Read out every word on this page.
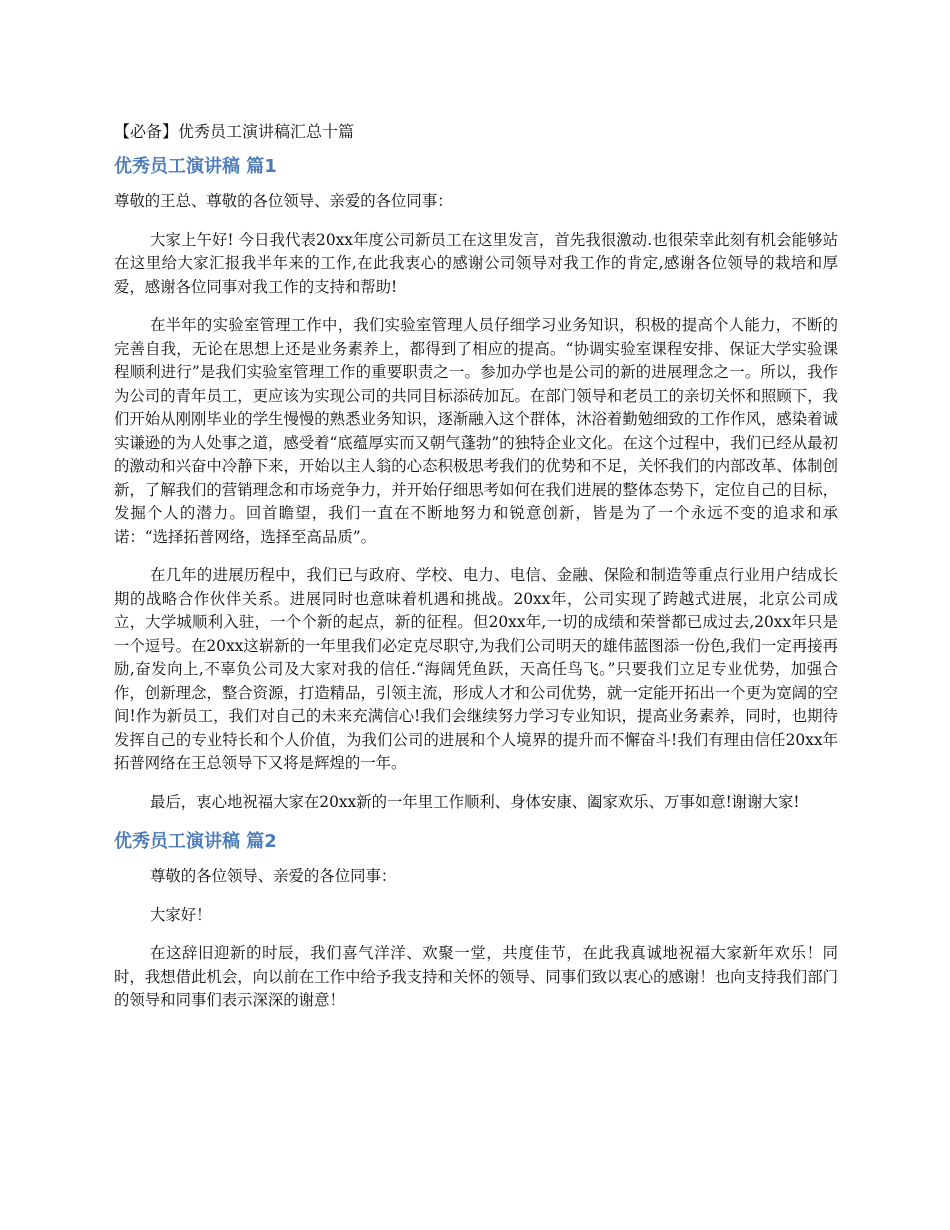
【必备】优秀员工演讲稿汇总十篇
优秀员工演讲稿 篇1

尊敬的王总、尊敬的各位领导、亲爱的各位同事：

大家上午好! 今日我代表20xx年度公司新员工在这里发言，首先我很激动.也很荣幸此刻有机会能够站在这里给大家汇报我半年来的工作,在此我衷心的感谢公司领导对我工作的肯定,感谢各位领导的栽培和厚爱，感谢各位同事对我工作的支持和帮助!

在半年的实验室管理工作中，我们实验室管理人员仔细学习业务知识，积极的提高个人能力，不断的完善自我，无论在思想上还是业务素养上，都得到了相应的提高。“协调实验室课程安排、保证大学实验课程顺利进行”是我们实验室管理工作的重要职责之一。参加办学也是公司的新的进展理念之一。所以，我作为公司的青年员工，更应该为实现公司的共同目标添砖加瓦。在部门领导和老员工的亲切关怀和照顾下，我们开始从刚刚毕业的学生慢慢的熟悉业务知识，逐渐融入这个群体，沐浴着勤勉细致的工作作风，感染着诚实谦逊的为人处事之道，感受着“底蕴厚实而又朝气蓬勃”的独特企业文化。在这个过程中，我们已经从最初的激动和兴奋中冷静下来，开始以主人翁的心态积极思考我们的优势和不足，关怀我们的内部改革、体制创新，了解我们的营销理念和市场竞争力，并开始仔细思考如何在我们进展的整体态势下，定位自己的目标，发掘个人的潜力。回首瞻望，我们一直在不断地努力和锐意创新，皆是为了一个永远不变的追求和承诺：“选择拓普网络，选择至高品质”。

在几年的进展历程中，我们已与政府、学校、电力、电信、金融、保险和制造等重点行业用户结成长期的战略合作伙伴关系。进展同时也意味着机遇和挑战。20xx年，公司实现了跨越式进展，北京公司成立，大学城顺利入驻，一个个新的起点，新的征程。但20xx年,一切的成绩和荣誉都已成过去,20xx年只是一个逗号。在20xx这崭新的一年里我们必定克尽职守,为我们公司明天的雄伟蓝图添一份色,我们一定再接再励,奋发向上,不辜负公司及大家对我的信任.“海阔凭鱼跃，天高任鸟飞。”只要我们立足专业优势，加强合作，创新理念，整合资源，打造精品，引领主流，形成人才和公司优势，就一定能开拓出一个更为宽阔的空间!作为新员工，我们对自己的未来充满信心!我们会继续努力学习专业知识，提高业务素养，同时，也期待发挥自己的专业特长和个人价值，为我们公司的进展和个人境界的提升而不懈奋斗!我们有理由信任20xx年拓普网络在王总领导下又将是辉煌的一年。

最后，衷心地祝福大家在20xx新的一年里工作顺利、身体安康、阖家欢乐、万事如意!谢谢大家!

优秀员工演讲稿 篇2

尊敬的各位领导、亲爱的各位同事：

大家好！

在这辞旧迎新的时辰，我们喜气洋洋、欢聚一堂，共度佳节，在此我真诚地祝福大家新年欢乐！同时，我想借此机会，向以前在工作中给予我支持和关怀的领导、同事们致以衷心的感谢！也向支持我们部门的领导和同事们表示深深的谢意！
